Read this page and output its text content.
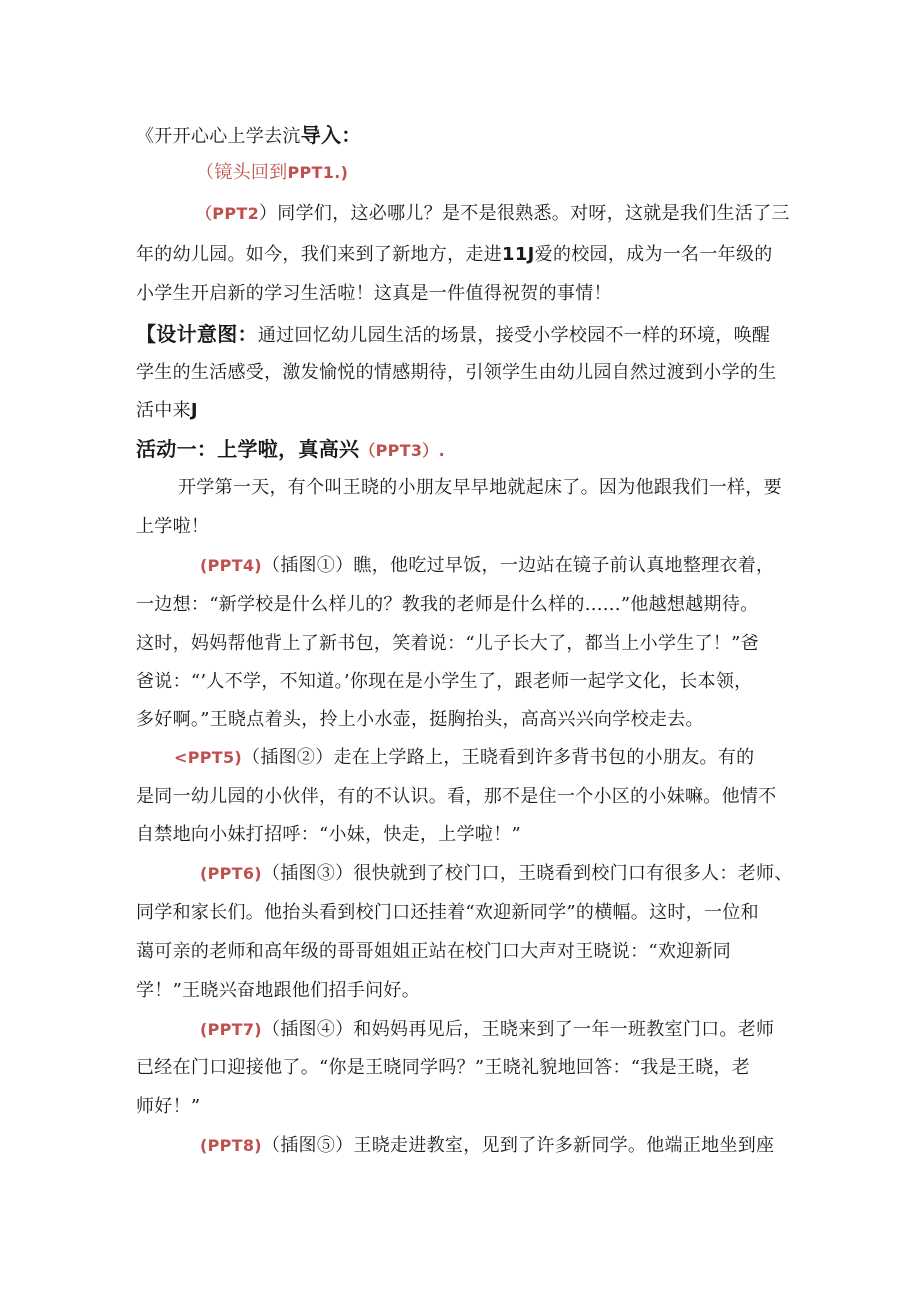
《开开心心上学去沆导入：
（镜头回到PPT1.)
（PPT2）同学们，这必哪儿？是不是很熟悉。对呀，这就是我们生活了三
年的幼儿园。如今，我们来到了新地方，走进11J爱的校园，成为一名一年级的
小学生开启新的学习生活啦！这真是一件值得祝贺的事情！
【设计意图：通过回忆幼儿园生活的场景，接受小学校园不一样的环境，唤醒
学生的生活感受，激发愉悦的情感期待，引领学生由幼儿园自然过渡到小学的生
活中来J
活动一：上学啦，真高兴（PPT3）.
开学第一天，有个叫王晓的小朋友早早地就起床了。因为他跟我们一样，要
上学啦！
(PPT4)（插图①）瞧，他吃过早饭，一边站在镜子前认真地整理衣着，
一边想：“新学校是什么样儿的？教我的老师是什么样的......”他越想越期待。
这时，妈妈帮他背上了新书包，笑着说：“儿子长大了，都当上小学生了！”爸
爸说：“’人不学，不知道。’你现在是小学生了，跟老师一起学文化，长本领，
多好啊。”王晓点着头，拎上小水壶，挺胸抬头，高高兴兴向学校走去。
<PPT5)（插图②）走在上学路上，王晓看到许多背书包的小朋友。有的
是同一幼儿园的小伙伴，有的不认识。看，那不是住一个小区的小妹嘛。他情不
自禁地向小妹打招呼：“小妹，快走，上学啦！”
(PPT6)（插图③）很快就到了校门口，王晓看到校门口有很多人：老师、
同学和家长们。他抬头看到校门口还挂着“欢迎新同学”的横幅。这时，一位和
蔼可亲的老师和高年级的哥哥姐姐正站在校门口大声对王晓说：“欢迎新同
学！”王晓兴奋地跟他们招手问好。
(PPT7)（插图④）和妈妈再见后，王晓来到了一年一班教室门口。老师
已经在门口迎接他了。“你是王晓同学吗？”王晓礼貌地回答：“我是王晓，老
师好！”
(PPT8)（插图⑤）王晓走进教室，见到了许多新同学。他端正地坐到座
